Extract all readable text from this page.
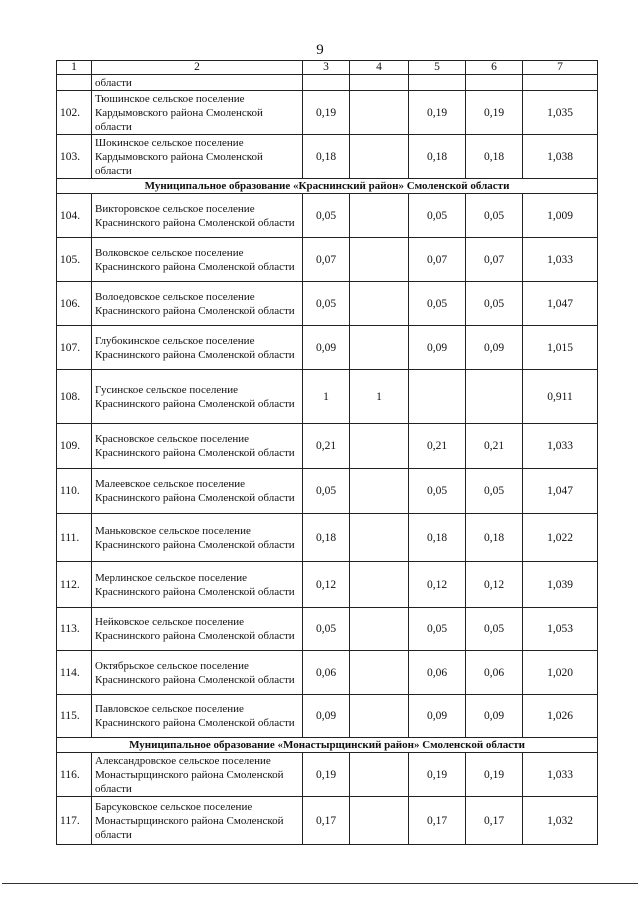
9
1	2	3	4	5	6	7
	области					
102.	Тюшинское сельское поселение Кардымовского района Смоленской области	0,19		0,19	0,19	1,035
103.	Шокинское сельское поселение Кардымовского района Смоленской области	0,18		0,18	0,18	1,038
Муниципальное образование «Краснинский район» Смоленской области						
104.	Викторовское сельское поселение Краснинского района Смоленской области	0,05		0,05	0,05	1,009
105.	Волковское сельское поселение Краснинского района Смоленской области	0,07		0,07	0,07	1,033
106.	Волоедовское сельское поселение Краснинского района Смоленской области	0,05		0,05	0,05	1,047
107.	Глубокинское сельское поселение Краснинского района Смоленской области	0,09		0,09	0,09	1,015
108.	Гусинское сельское поселение Краснинского района Смоленской области	1	1			0,911
109.	Красновское сельское поселение Краснинского района Смоленской области	0,21		0,21	0,21	1,033
110.	Малеевское сельское поселение Краснинского района Смоленской области	0,05		0,05	0,05	1,047
111.	Маньковское сельское поселение Краснинского района Смоленской области	0,18		0,18	0,18	1,022
112.	Мерлинское сельское поселение Краснинского района Смоленской области	0,12		0,12	0,12	1,039
113.	Нейковское сельское поселение Краснинского района Смоленской области	0,05		0,05	0,05	1,053
114.	Октябрьское сельское поселение Краснинского района Смоленской области	0,06		0,06	0,06	1,020
115.	Павловское сельское поселение Краснинского района Смоленской области	0,09		0,09	0,09	1,026
Муниципальное образование «Монастырщинский район» Смоленской области						
116.	Александровское сельское поселение Монастырщинского района Смоленской области	0,19		0,19	0,19	1,033
117.	Барсуковское сельское поселение Монастырщинского района Смоленской области	0,17		0,17	0,17	1,032
